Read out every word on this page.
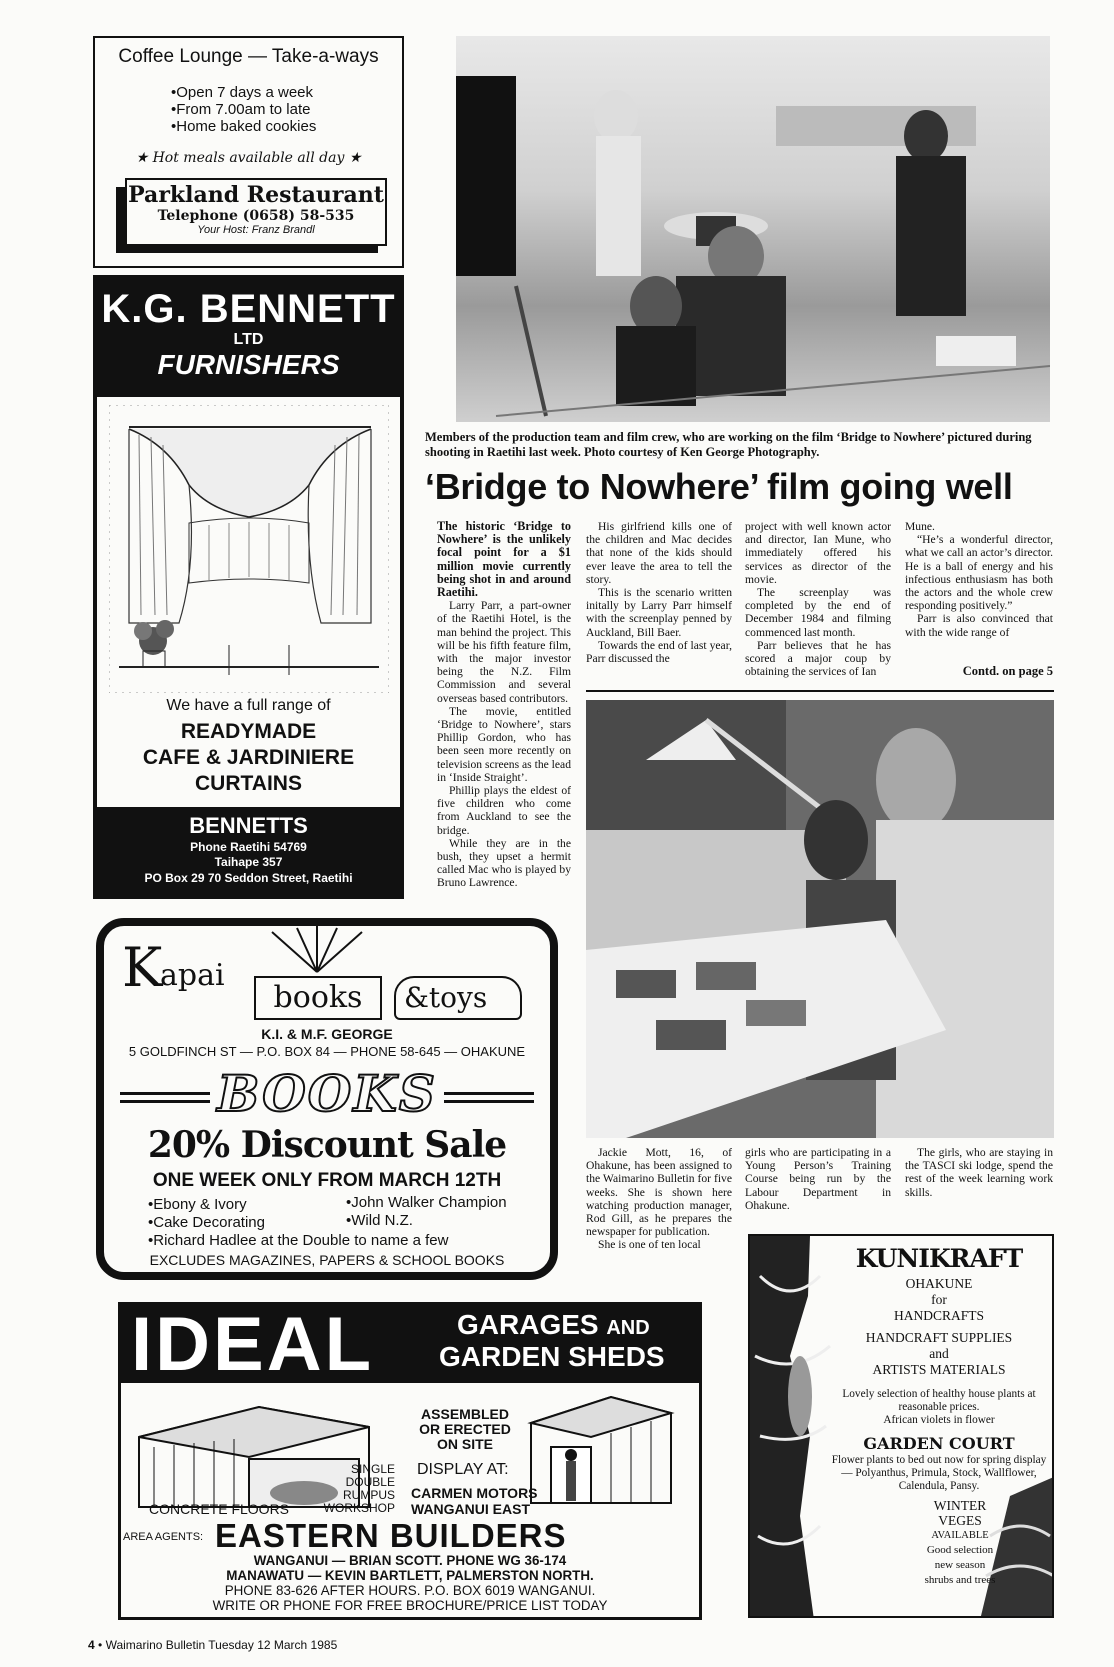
Coffee Lounge — Take-a-ways
•Open 7 days a week
•From 7.00am to late
•Home baked cookies
★ Hot meals available all day ★
Parkland Restaurant
Telephone (0658) 58-535
Your Host: Franz Brandl
K.G. BENNETT
LTD
FURNISHERS
We have a full range of
READYMADE
CAFE & JARDINIERE
CURTAINS
BENNETTS
Phone Raetihi 54769
Taihape 357
PO Box 29 70 Seddon Street, Raetihi
Members of the production team and film crew, who are working on the film ‘Bridge to Nowhere’ pictured during shooting in Raetihi last week. Photo courtesy of Ken George Photography.
‘Bridge to Nowhere’ film going well

The historic ‘Bridge to Nowhere’ is the unlikely focal point for a $1 million movie currently being shot in and around Raetihi.

Larry Parr, a part-owner of the Raetihi Hotel, is the man behind the project. This will be his fifth feature film, with the major investor being the N.Z. Film Commission and several overseas based contributors.

The movie, entitled ‘Bridge to Nowhere’, stars Phillip Gordon, who has been seen more recently on television screens as the lead in ‘Inside Straight’.

Phillip plays the eldest of five children who come from Auckland to see the bridge.

While they are in the bush, they upset a hermit called Mac who is played by Bruno Lawrence.

His girlfriend kills one of the children and Mac decides that none of the kids should ever leave the area to tell the story.

This is the scenario written initally by Larry Parr himself with the screenplay penned by Auckland, Bill Baer.

Towards the end of last year, Parr discussed the

project with well known actor and director, Ian Mune, who immediately offered his services as director of the movie.

The screenplay was completed by the end of December 1984 and filming commenced last month.

Parr believes that he has scored a major coup by obtaining the services of Ian

Mune.

“He’s a wonderful director, what we call an actor’s director. He is a ball of energy and his infectious enthusiasm has both the actors and the whole crew responding positively.”

Parr is also convinced that with the wide range of

Contd. on page 5

Jackie Mott, 16, of Ohakune, has been assigned to the Waimarino Bulletin for five weeks. She is shown here watching production manager, Rod Gill, as he prepares the newspaper for publication.

She is one of ten local

girls who are participating in a Young Person’s Training Course being run by the Labour Department in Ohakune.

The girls, who are staying in the TASCI ski lodge, spend the rest of the week learning work skills.

K
apai
books	&toys
K.I. & M.F. GEORGE
5 GOLDFINCH ST — P.O. BOX 84 — PHONE 58-645 — OHAKUNE
BOOKS
20% Discount Sale
ONE WEEK ONLY FROM MARCH 12TH
•Ebony & Ivory
•Cake Decorating
•John Walker Champion
•Wild N.Z.
•Richard Hadlee at the Double to name a few
EXCLUDES MAGAZINES, PAPERS & SCHOOL BOOKS
IDEAL	GARAGES AND
GARDEN SHEDS
ASSEMBLED
OR ERECTED
ON SITE
DISPLAY AT:
SINGLE
DOUBLE
RUMPUS
WORKSHOP
CONCRETE FLOORS
CARMEN MOTORS
WANGANUI EAST
AREA AGENTS: EASTERN BUILDERS
WANGANUI — BRIAN SCOTT. PHONE WG 36-174
MANAWATU — KEVIN BARTLETT, PALMERSTON NORTH.
PHONE 83-626 AFTER HOURS. P.O. BOX 6019 WANGANUI.
WRITE OR PHONE FOR FREE BROCHURE/PRICE LIST TODAY
KUNIKRAFT
OHAKUNE
for
HANDCRAFTS
HANDCRAFT SUPPLIES
and
ARTISTS MATERIALS
Lovely selection of healthy house plants at reasonable prices.
African violets in flower
GARDEN COURT
Flower plants to bed out now for spring display — Polyanthus, Primula, Stock, Wallflower, Calendula, Pansy.
WINTER
VEGES
AVAILABLE
Good selection
new season
shrubs and trees
4 • Waimarino Bulletin Tuesday 12 March 1985
